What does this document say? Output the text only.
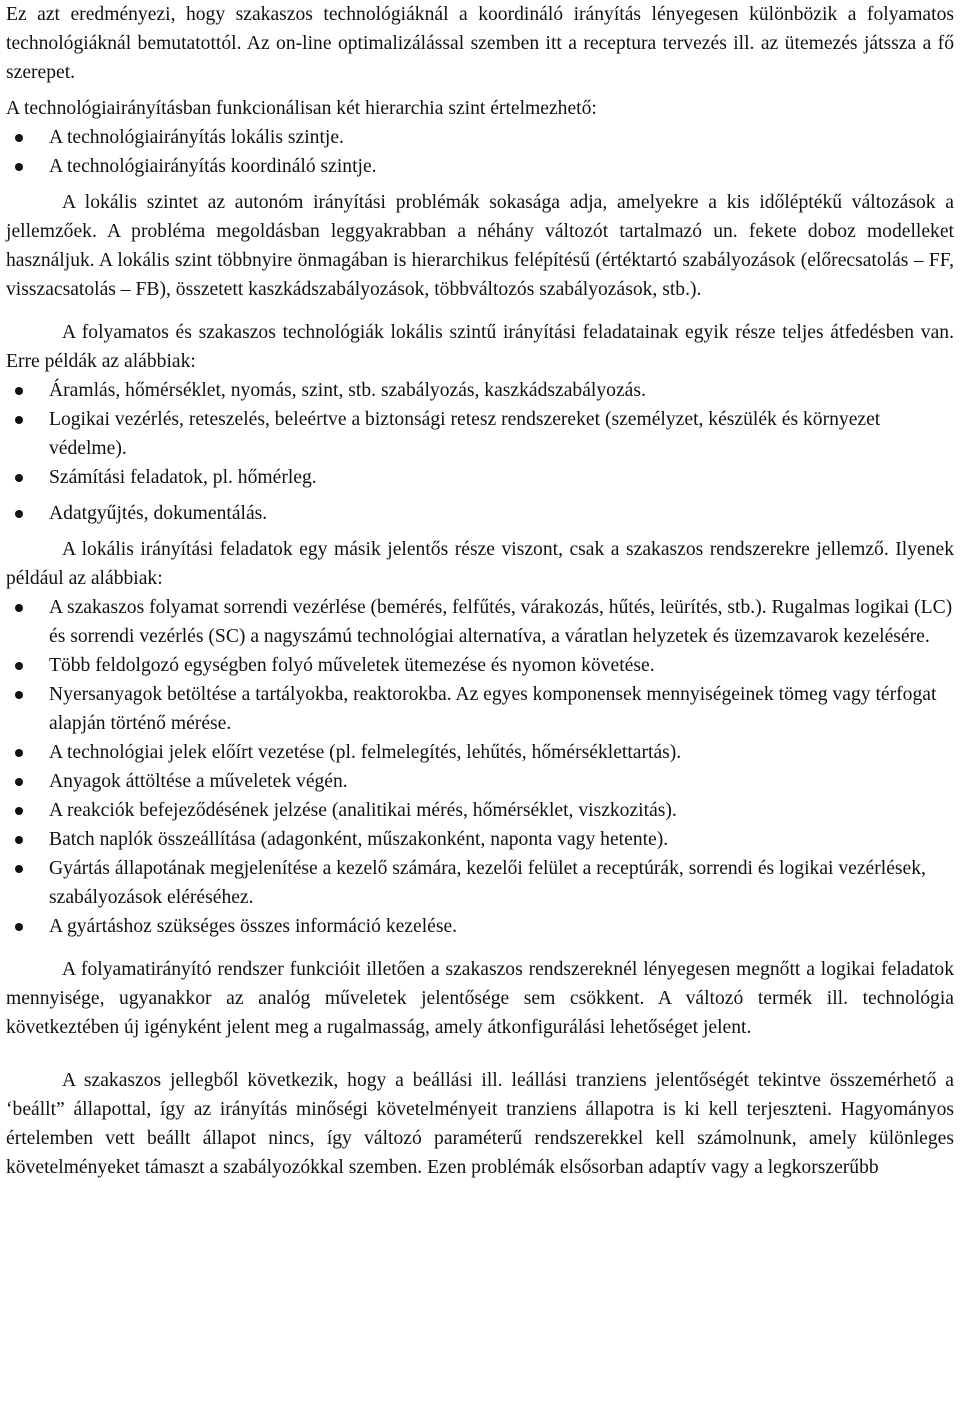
Ez azt eredményezi, hogy szakaszos technológiáknál a koordináló irányítás lényegesen különbözik a folyamatos technológiáknál bemutatottól. Az on-line optimalizálással szemben itt a receptura tervezés ill. az ütemezés játssza a fő szerepet.

A technológiairányításban funkcionálisan két hierarchia szint értelmezhető:

A technológiairányítás lokális szintje.
A technológiairányítás koordináló szintje.

A lokális szintet az autonóm irányítási problémák sokasága adja, amelyekre a kis időléptékű változások a jellemzőek. A probléma megoldásban leggyakrabban a néhány változót tartalmazó un. fekete doboz modelleket használjuk. A lokális szint többnyire önmagában is hierarchikus felépítésű (értéktartó szabályozások (előrecsatolás – FF, visszacsatolás – FB), összetett kaszkádszabályozások, többváltozós szabályozások, stb.).

A folyamatos és szakaszos technológiák lokális szintű irányítási feladatainak egyik része teljes átfedésben van. Erre példák az alábbiak:

Áramlás, hőmérséklet, nyomás, szint, stb. szabályozás, kaszkádszabályozás.
Logikai vezérlés, reteszelés, beleértve a biztonsági retesz rendszereket (személyzet, készülék és környezet védelme).
Számítási feladatok, pl. hőmérleg.
Adatgyűjtés, dokumentálás.

A lokális irányítási feladatok egy másik jelentős része viszont, csak a szakaszos rendszerekre jellemző. Ilyenek például az alábbiak:

A szakaszos folyamat sorrendi vezérlése (bemérés, felfűtés, várakozás, hűtés, leürítés, stb.). Rugalmas logikai (LC) és sorrendi vezérlés (SC) a nagyszámú technológiai alternatíva, a váratlan helyzetek és üzemzavarok kezelésére.
Több feldolgozó egységben folyó műveletek ütemezése és nyomon követése.
Nyersanyagok betöltése a tartályokba, reaktorokba. Az egyes komponensek mennyiségeinek tömeg vagy térfogat alapján történő mérése.
A technológiai jelek előírt vezetése (pl. felmelegítés, lehűtés, hőmérséklettartás).
Anyagok áttöltése a műveletek végén.
A reakciók befejeződésének jelzése (analitikai mérés, hőmérséklet, viszkozitás).
Batch naplók összeállítása (adagonként, műszakonként, naponta vagy hetente).
Gyártás állapotának megjelenítése a kezelő számára, kezelői felület a receptúrák, sorrendi és logikai vezérlések, szabályozások eléréséhez.
A gyártáshoz szükséges összes információ kezelése.

A folyamatirányító rendszer funkcióit illetően a szakaszos rendszereknél lényegesen megnőtt a logikai feladatok mennyisége, ugyanakkor az analóg műveletek jelentősége sem csökkent. A változó termék ill. technológia következtében új igényként jelent meg a rugalmasság, amely átkonfigurálási lehetőséget jelent.

A szakaszos jellegből következik, hogy a beállási ill. leállási tranziens jelentőségét tekintve összemérhető a ‘beállt” állapottal, így az irányítás minőségi követelményeit tranziens állapotra is ki kell terjeszteni. Hagyományos értelemben vett beállt állapot nincs, így változó paraméterű rendszerekkel kell számolnunk, amely különleges követelményeket támaszt a szabályozókkal szemben. Ezen problémák elsősorban adaptív vagy a legkorszerűbb
